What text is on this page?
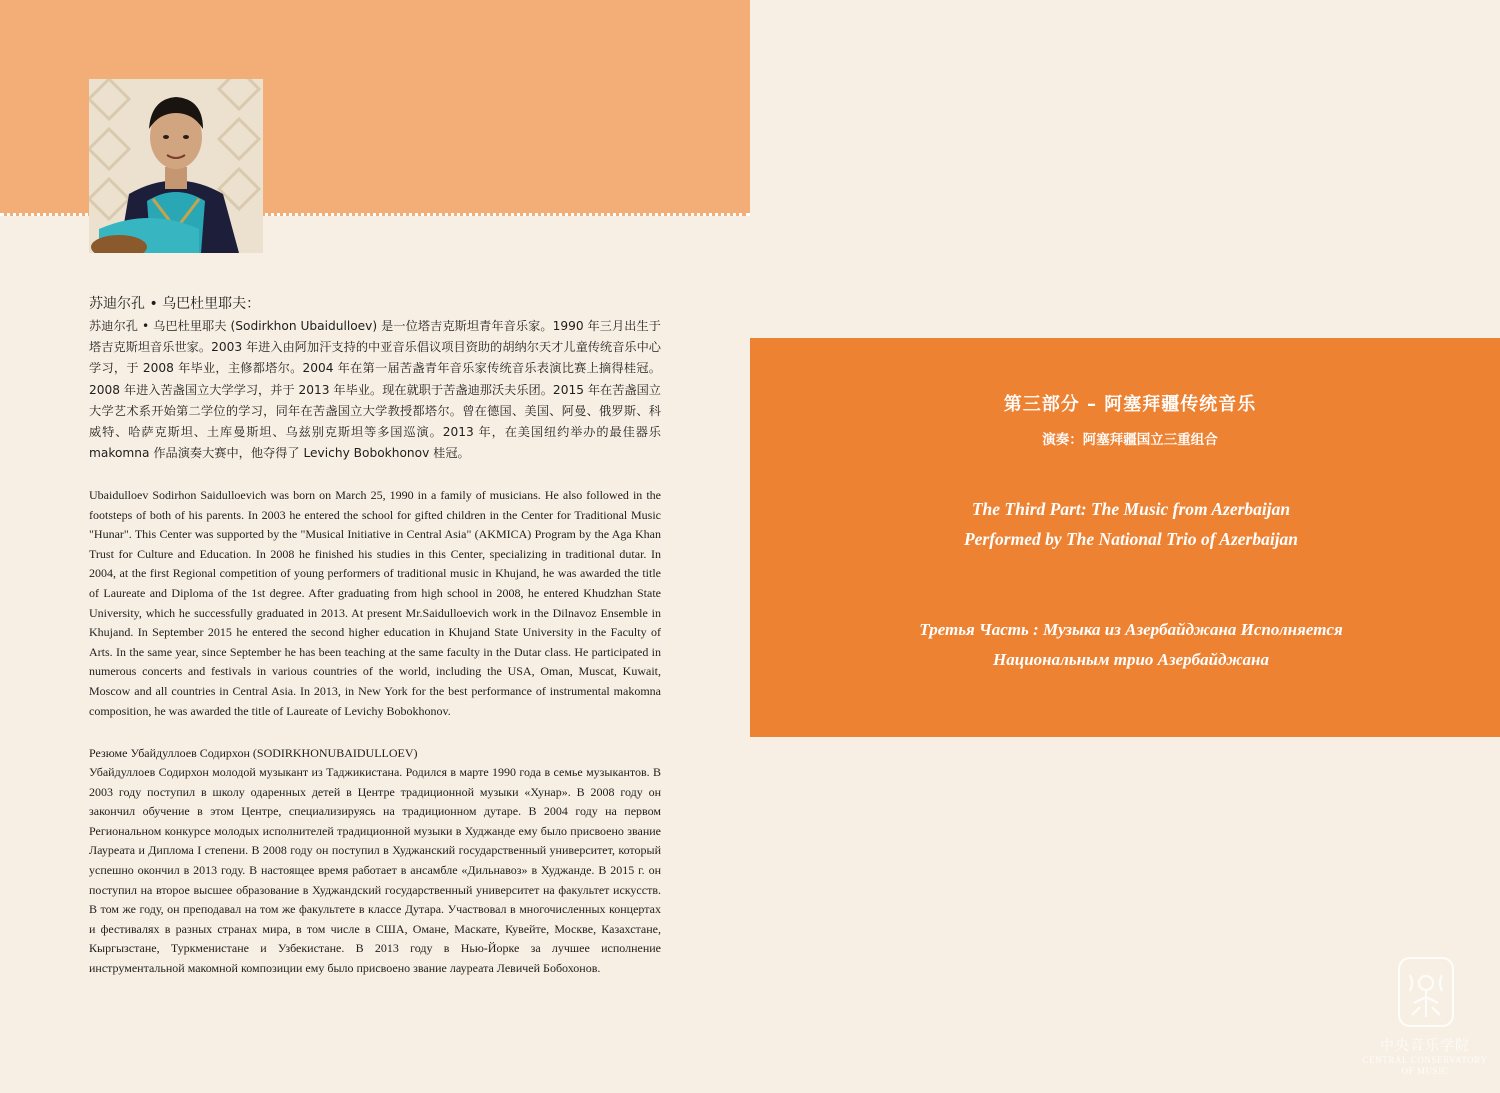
苏迪尔孔 • 乌巴杜里耶夫：
苏迪尔孔 • 乌巴杜里耶夫 (Sodirkhon Ubaidulloev) 是一位塔吉克斯坦青年音乐家。1990 年三月出生于塔吉克斯坦音乐世家。2003 年进入由阿加汗支持的中亚音乐倡议项目资助的胡纳尔天才儿童传统音乐中心学习，于 2008 年毕业，主修都塔尔。2004 年在第一届苦盏青年音乐家传统音乐表演比赛上摘得桂冠。2008 年进入苦盏国立大学学习，并于 2013 年毕业。现在就职于苦盏迪那沃夫乐团。2015 年在苦盏国立大学艺术系开始第二学位的学习，同年在苦盏国立大学教授都塔尔。曾在德国、美国、阿曼、俄罗斯、科威特、哈萨克斯坦、土库曼斯坦、乌兹别克斯坦等多国巡演。2013 年，在美国纽约举办的最佳器乐 makomna 作品演奏大赛中，他夺得了 Levichy Bobokhonov 桂冠。
Ubaidulloev Sodirhon Saidulloevich was born on March 25, 1990 in a family of musicians. He also followed in the footsteps of both of his parents. In 2003 he entered the school for gifted children in the Center for Traditional Music "Hunar". This Center was supported by the "Musical Initiative in Central Asia" (AKMICA) Program by the Aga Khan Trust for Culture and Education. In 2008 he finished his studies in this Center, specializing in traditional dutar. In 2004, at the first Regional competition of young performers of traditional music in Khujand, he was awarded the title of Laureate and Diploma of the 1st degree. After graduating from high school in 2008, he entered Khudzhan State University, which he successfully graduated in 2013. At present Mr.Saidulloevich work in the Dilnavoz Ensemble in Khujand. In September 2015 he entered the second higher education in Khujand State University in the Faculty of Arts. In the same year, since September he has been teaching at the same faculty in the Dutar class. He participated in numerous concerts and festivals in various countries of the world, including the USA, Oman, Muscat, Kuwait, Moscow and all countries in Central Asia. In 2013, in New York for the best performance of instrumental makomna composition, he was awarded the title of Laureate of Levichy Bobokhonov.
Резюме Убайдуллоев Содирхон (SODIRKHONUBAIDULLOEV)
Убайдуллоев Содирхон молодой музыкант из Таджикистана. Родился в марте 1990 года в семье музыкантов. В 2003 году поступил в школу одаренных детей в Центре традиционной музыки «Хунар». В 2008 году он закончил обучение в этом Центре, специализируясь на традиционном дутаре. В 2004 году на первом Региональном конкурсе молодых исполнителей традиционной музыки в Худжанде ему было присвоено звание Лауреата и Диплома I степени. В 2008 году он поступил в Худжанский государственный университет, который успешно окончил в 2013 году. В настоящее время работает в ансамбле «Дильнавоз» в Худжанде. В 2015 г. он поступил на второе высшее образование в Худжандский государственный университет на факультет искусств. В том же году, он преподавал на том же факультете в классе Дутара. Участвовал в многочисленных концертах и фестивалях в разных странах мира, в том числе в США, Омане, Маскате, Кувейте, Москве, Казахстане, Кыргызстане, Туркменистане и Узбекистане. В 2013 году в Нью-Йорке за лучшее исполнение инструментальной макомной композиции ему было присвоено звание лауреата Левичей Бобохонов.
第三部分 – 阿塞拜疆传统音乐
演奏：阿塞拜疆国立三重组合
The Third Part: The Music from Azerbaijan
Performed by The National Trio of Azerbaijan
Третья Часть : Музыка из Азербайджана Исполняется
Национальным трио Азербайджана
中央音乐学院
CENTRAL CONSERVATORY
OF MUSIC
